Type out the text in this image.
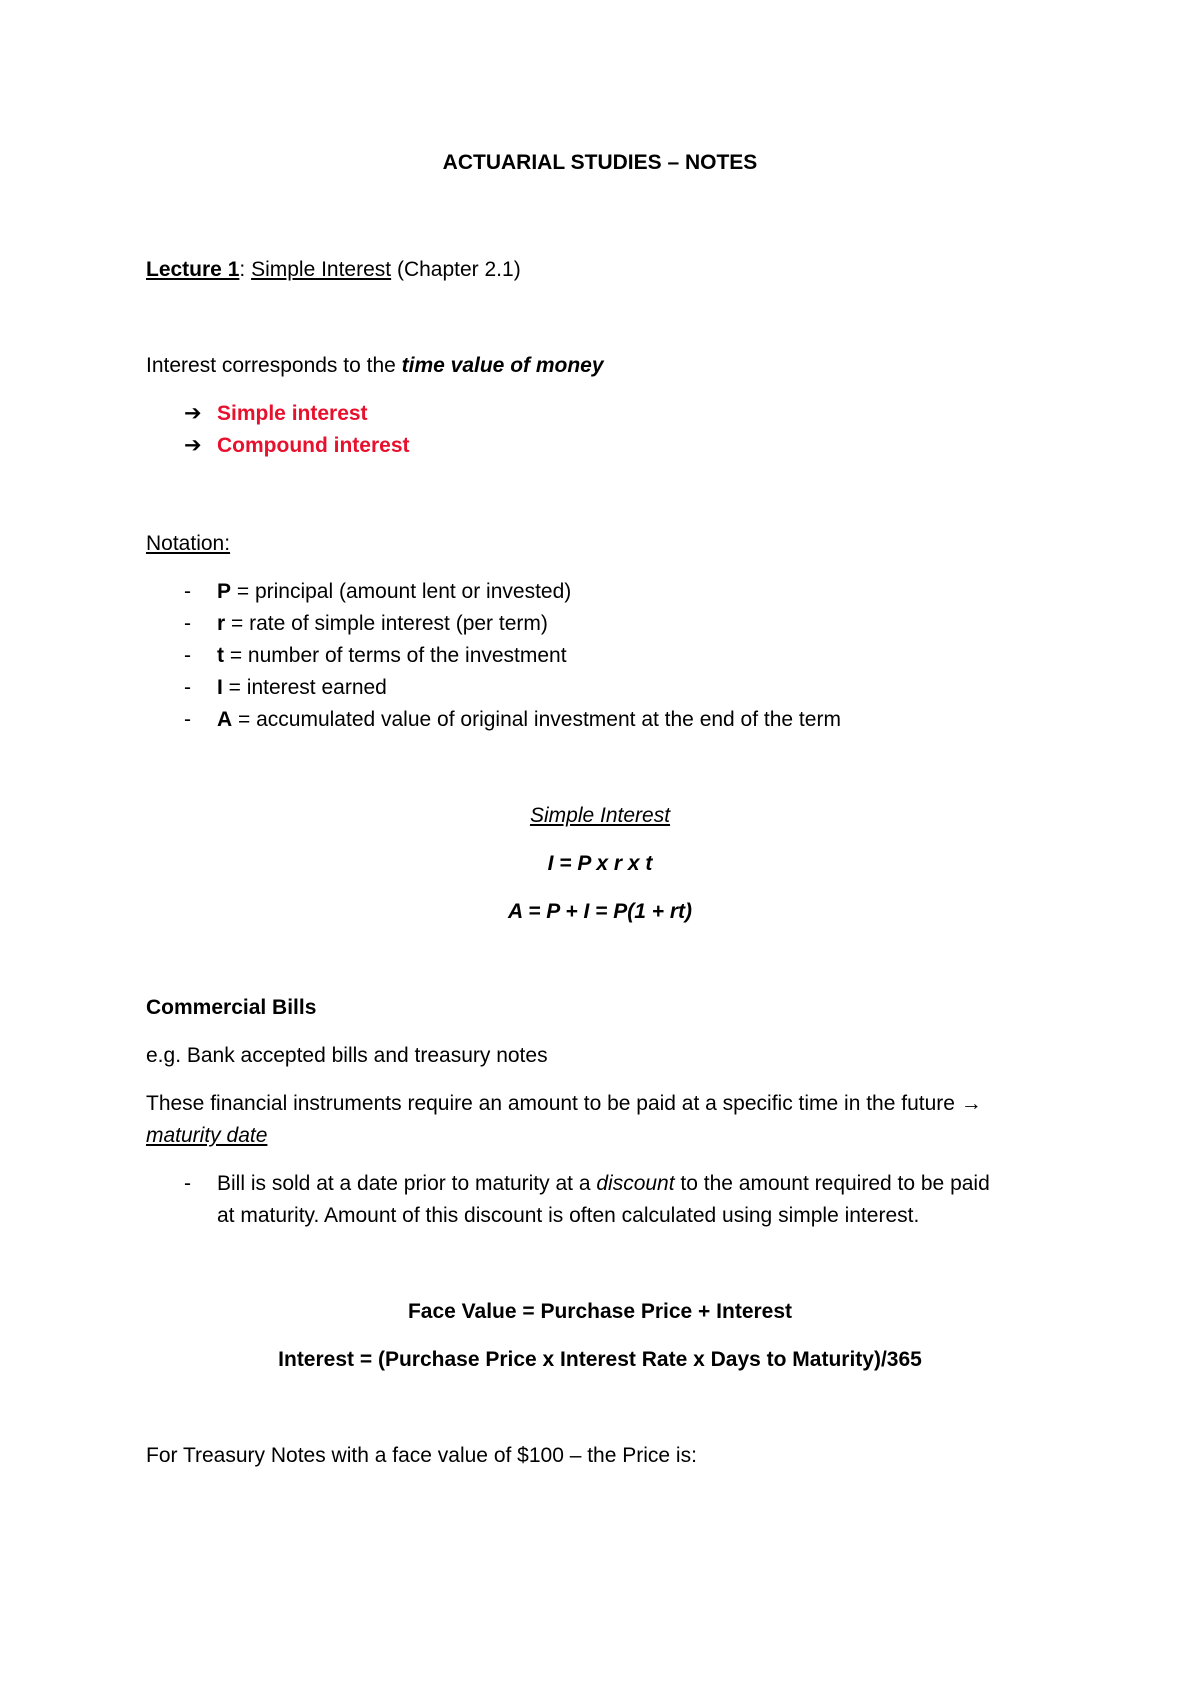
ACTUARIAL STUDIES – NOTES
Lecture 1: Simple Interest (Chapter 2.1)
Interest corresponds to the time value of money
➔ Simple interest
➔ Compound interest
Notation:
- P = principal (amount lent or invested)
- r = rate of simple interest (per term)
- t = number of terms of the investment
- I = interest earned
- A = accumulated value of original investment at the end of the term
Simple Interest
I = P x r x t
A = P + I = P(1 + rt)
Commercial Bills
e.g. Bank accepted bills and treasury notes
These financial instruments require an amount to be paid at a specific time in the future →
maturity date
- Bill is sold at a date prior to maturity at a discount to the amount required to be paid
at maturity. Amount of this discount is often calculated using simple interest.
Face Value = Purchase Price + Interest
Interest = (Purchase Price x Interest Rate x Days to Maturity)/365
For Treasury Notes with a face value of $100 – the Price is:
